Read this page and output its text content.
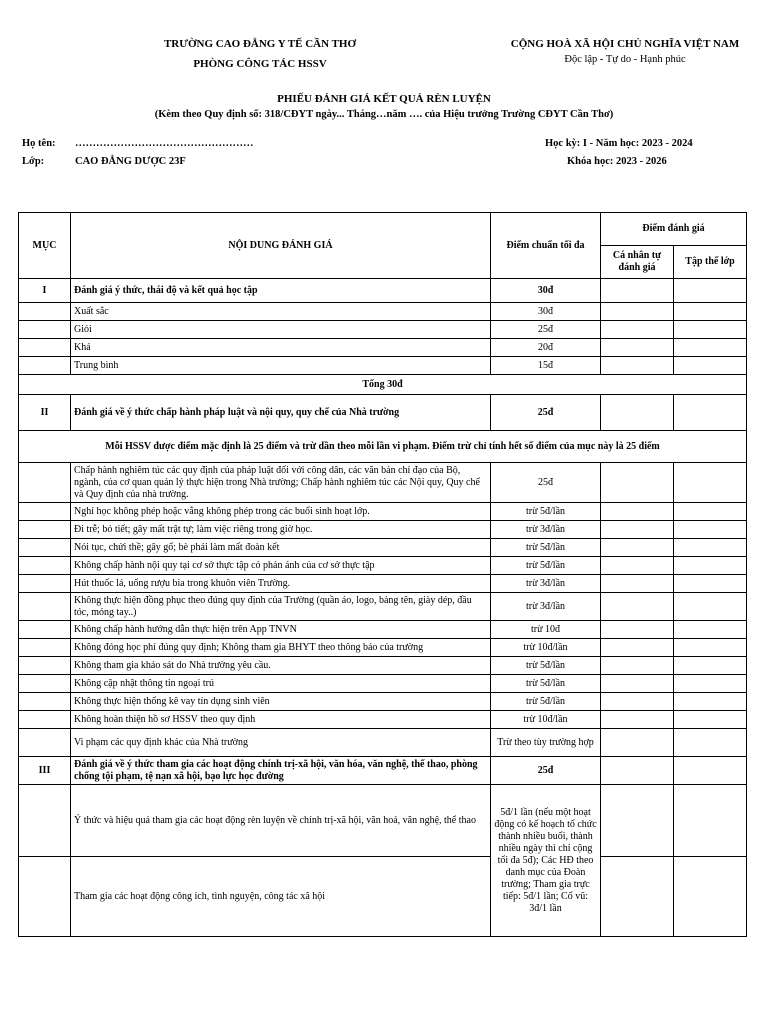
TRƯỜNG CAO ĐẲNG Y TẾ CẦN THƠ
PHÒNG CÔNG TÁC HSSV
CỘNG HOÀ XÃ HỘI CHỦ NGHĨA VIỆT NAM
Độc lập - Tự do - Hạnh phúc
PHIẾU ĐÁNH GIÁ KẾT QUẢ RÈN LUYỆN
(Kèm theo Quy định số: 318/CĐYT ngày... Tháng…năm …. của Hiệu trưởng Trường CĐYT Cần Thơ)
Họ tên: ……………………………………………
Lớp:	CAO ĐẲNG DƯỢC 23F
Học kỳ: I - Năm học: 2023 - 2024
Khóa học: 2023 - 2026
MỤC	NỘI DUNG ĐÁNH GIÁ	Điểm chuẩn tối đa	Điểm đánh giá	
			Cá nhân tự đánh giá	Tập thể lớp
I	Đánh giá ý thức, thái độ và kết quả học tập	30đ		
	Xuất sắc	30đ		
	Giỏi	25đ		
	Khá	20đ		
	Trung bình	15đ		
Tổng 30đ				
II	Đánh giá về ý thức chấp hành pháp luật và nội quy, quy chế của Nhà trường	25đ		
Mỗi HSSV được điểm mặc định là 25 điểm và trừ dần theo mỗi lần vi phạm. Điểm trừ chỉ tính hết số điểm của mục này là 25 điểm				
	Chấp hành nghiêm túc các quy định của pháp luật đối với công dân, các văn bản chỉ đạo của Bộ, ngành, của cơ quan quản lý thực hiện trong Nhà trường; Chấp hành nghiêm túc các Nội quy, Quy chế và Quy định của nhà trường.	25đ		
	Nghỉ học không phép hoặc vắng không phép trong các buổi sinh hoạt lớp.	trừ 5đ/lần		
	Đi trễ; bỏ tiết; gây mất trật tự; làm việc riêng trong giờ học.	trừ 3đ/lần		
	Nói tục, chửi thề; gây gổ; bè phái làm mất đoàn kết	trừ 5đ/lần		
	Không chấp hành nội quy tại cơ sở thực tập có phản ánh của cơ sở thực tập	trừ 5đ/lần		
	Hút thuốc lá, uống rượu bia trong khuôn viên Trường.	trừ 3đ/lần		
	Không thực hiện đồng phục theo đúng quy định của Trường (quần áo, logo, bảng tên, giày dép, đầu tóc, móng tay..)	trừ 3đ/lần		
	Không chấp hành hướng dẫn thực hiện trên App TNVN	trừ 10đ		
	Không đóng học phí đúng quy định; Không tham gia BHYT theo thông báo của trường	trừ 10đ/lần		
	Không tham gia khảo sát do Nhà trường yêu cầu.	trừ 5đ/lần		
	Không cập nhật thông tin ngoại trú	trừ 5đ/lần		
	Không thực hiện thống kê vay tín dụng sinh viên	trừ 5đ/lần		
	Không hoàn thiện hồ sơ HSSV theo quy định	trừ 10đ/lần		
	Vi phạm các quy định khác của Nhà trường	Trừ theo tùy trường hợp		
III	Đánh giá về ý thức tham gia các hoạt động chính trị-xã hội, văn hóa, văn nghệ, thể thao, phòng chống tội phạm, tệ nạn xã hội, bạo lực học đường	25đ		
	Ý thức và hiệu quả tham gia các hoạt động rèn luyện về chính trị-xã hội, văn hoá, văn nghệ, thể thao	5đ/1 lần (nếu một hoạt động có kế hoạch tổ chức thành nhiều buổi, thành nhiều ngày thì chỉ cộng tối đa 5đ); Các HĐ theo danh mục của Đoàn trường; Tham gia trực tiếp: 5đ/1 lần; Cổ vũ: 3đ/1 lần		
	Tham gia các hoạt động công ích, tình nguyện, công tác xã hội			
